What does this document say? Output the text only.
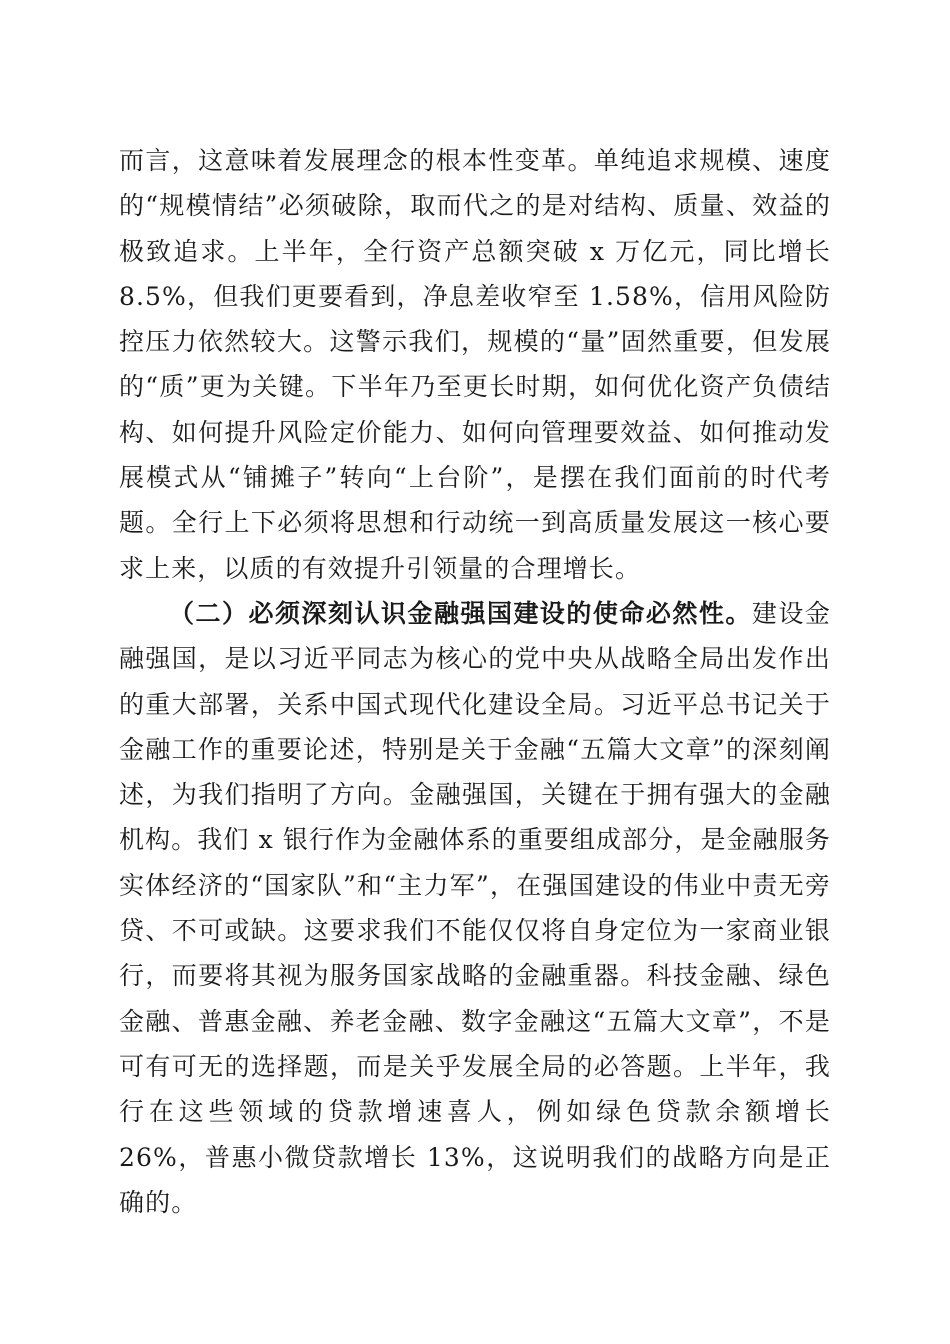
而言，这意味着发展理念的根本性变革。单纯追求规模、速度的“规模情结”必须破除，取而代之的是对结构、质量、效益的极致追求。上半年，全行资产总额突破 x 万亿元，同比增长 8.5%，但我们更要看到，净息差收窄至 1.58%，信用风险防控压力依然较大。这警示我们，规模的“量”固然重要，但发展的“质”更为关键。下半年乃至更长时期，如何优化资产负债结构、如何提升风险定价能力、如何向管理要效益、如何推动发展模式从“铺摊子”转向“上台阶”，是摆在我们面前的时代考题。全行上下必须将思想和行动统一到高质量发展这一核心要求上来，以质的有效提升引领量的合理增长。

（二）必须深刻认识金融强国建设的使命必然性。建设金融强国，是以习近平同志为核心的党中央从战略全局出发作出的重大部署，关系中国式现代化建设全局。习近平总书记关于金融工作的重要论述，特别是关于金融“五篇大文章”的深刻阐述，为我们指明了方向。金融强国，关键在于拥有强大的金融机构。我们 x 银行作为金融体系的重要组成部分，是金融服务实体经济的“国家队”和“主力军”，在强国建设的伟业中责无旁贷、不可或缺。这要求我们不能仅仅将自身定位为一家商业银行，而要将其视为服务国家战略的金融重器。科技金融、绿色金融、普惠金融、养老金融、数字金融这“五篇大文章”，不是可有可无的选择题，而是关乎发展全局的必答题。上半年，我行在这些领域的贷款增速喜人，例如绿色贷款余额增长 26%，普惠小微贷款增长 13%，这说明我们的战略方向是正确的。
